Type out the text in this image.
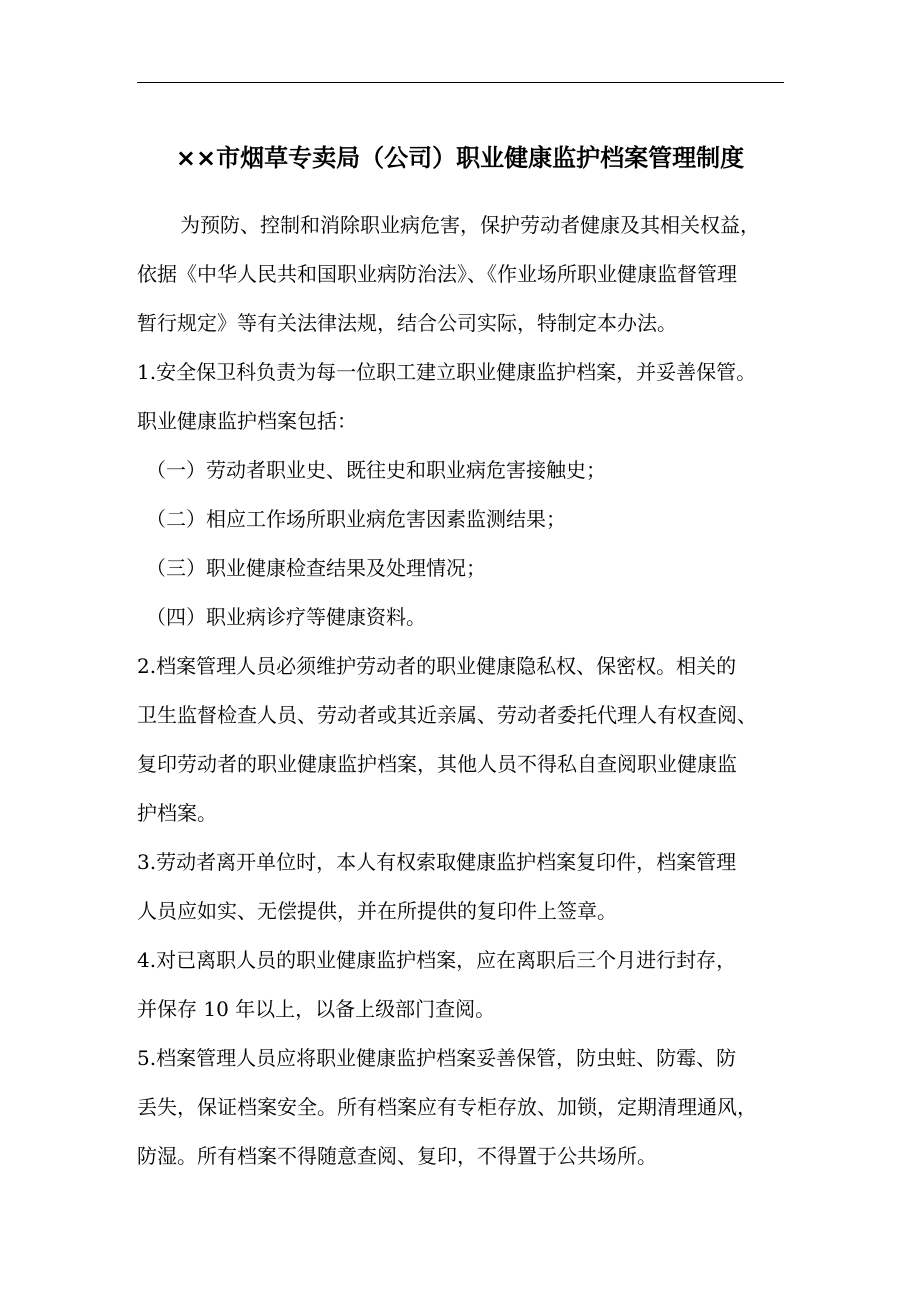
××市烟草专卖局（公司）职业健康监护档案管理制度
为预防、控制和消除职业病危害，保护劳动者健康及其相关权益，
依据《中华人民共和国职业病防治法》、《作业场所职业健康监督管理
暂行规定》等有关法律法规，结合公司实际，特制定本办法。
1.安全保卫科负责为每一位职工建立职业健康监护档案，并妥善保管。
职业健康监护档案包括：
（一）劳动者职业史、既往史和职业病危害接触史；
（二）相应工作场所职业病危害因素监测结果；
（三）职业健康检查结果及处理情况；
（四）职业病诊疗等健康资料。
2.档案管理人员必须维护劳动者的职业健康隐私权、保密权。相关的
卫生监督检查人员、劳动者或其近亲属、劳动者委托代理人有权查阅、
复印劳动者的职业健康监护档案，其他人员不得私自查阅职业健康监
护档案。
3.劳动者离开单位时，本人有权索取健康监护档案复印件，档案管理
人员应如实、无偿提供，并在所提供的复印件上签章。
4.对已离职人员的职业健康监护档案，应在离职后三个月进行封存，
并保存 10 年以上，以备上级部门查阅。
5.档案管理人员应将职业健康监护档案妥善保管，防虫蛀、防霉、防
丢失，保证档案安全。所有档案应有专柜存放、加锁，定期清理通风，
防湿。所有档案不得随意查阅、复印，不得置于公共场所。
